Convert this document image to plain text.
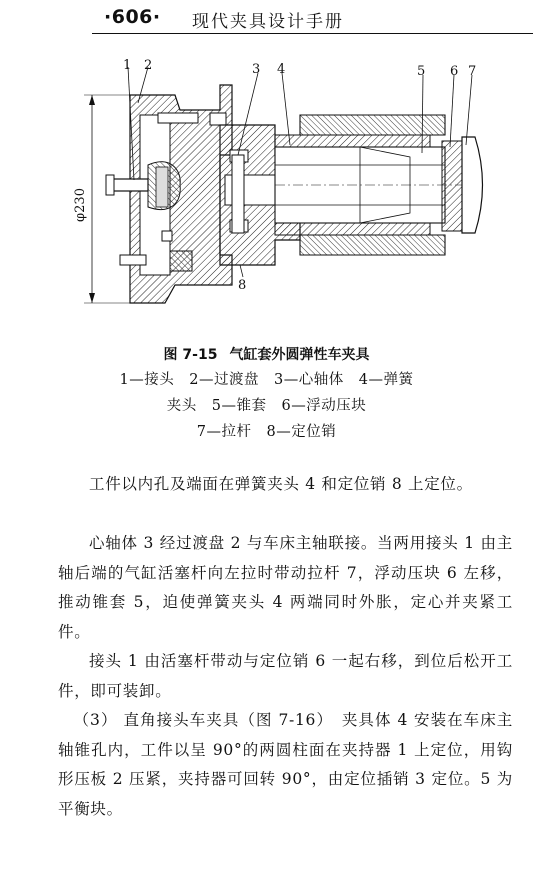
·606· 现代夹具设计手册
φ230
1 2	3 4	5 6 7
8
图 7-15 气缸套外圆弹性车夹具
1—接头　2—过渡盘　3—心轴体　4—弹簧
夹头　5—锥套　6—浮动压块
7—拉杆　8—定位销
工件以内孔及端面在弹簧夹头 4 和定位销 8 上定位。
心轴体 3 经过渡盘 2 与车床主轴联接。当两用接头 1 由主轴后端的气缸活塞杆向左拉时带动拉杆 7，浮动压块 6 左移，推动锥套 5，迫使弹簧夹头 4 两端同时外胀，定心并夹紧工件。
接头 1 由活塞杆带动与定位销 6 一起右移，到位后松开工件，即可装卸。
（3） 直角接头车夹具（图 7-16）　夹具体 4 安装在车床主轴锥孔内，工件以呈 90°的两圆柱面在夹持器 1 上定位，用钩形压板 2 压紧，夹持器可回转 90°，由定位插销 3 定位。5 为平衡块。
